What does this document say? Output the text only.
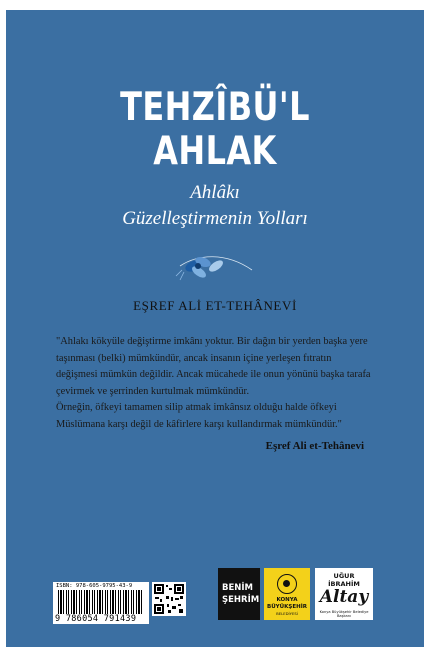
TEHZÎBÜ'L
AHLAK
Ahlâkı
Güzelleştirmenin Yolları
EŞREF ALİ ET-TEHÂNEVİ
"Ahlakı kökyüle değiştirme imkânı yoktur. Bir dağın bir yerden başka yere taşınması (belki) mümkündür, ancak insanın içine yerleşen fıtratın değişmesi mümkün değildir. Ancak mücahede ile onun yönünü başka tarafa çevirmek ve şerrinden kurtulmak mümkündür.
Örneğin, öfkeyi tamamen silip atmak imkânsız olduğu halde öfkeyi Müslümana karşı değil de kâfirlere karşı kullandırmak mümkündür."
Eşref Ali et-Tehânevi
ISBN: 978-605-9795-43-9
9 786054 791439
BENİM
ŞEHRİM	KONYA
BÜYÜKŞEHİR
BELEDİYESİ
UĞUR
İBRAHİM
Altay
Konya Büyükşehir Belediye Başkanı
